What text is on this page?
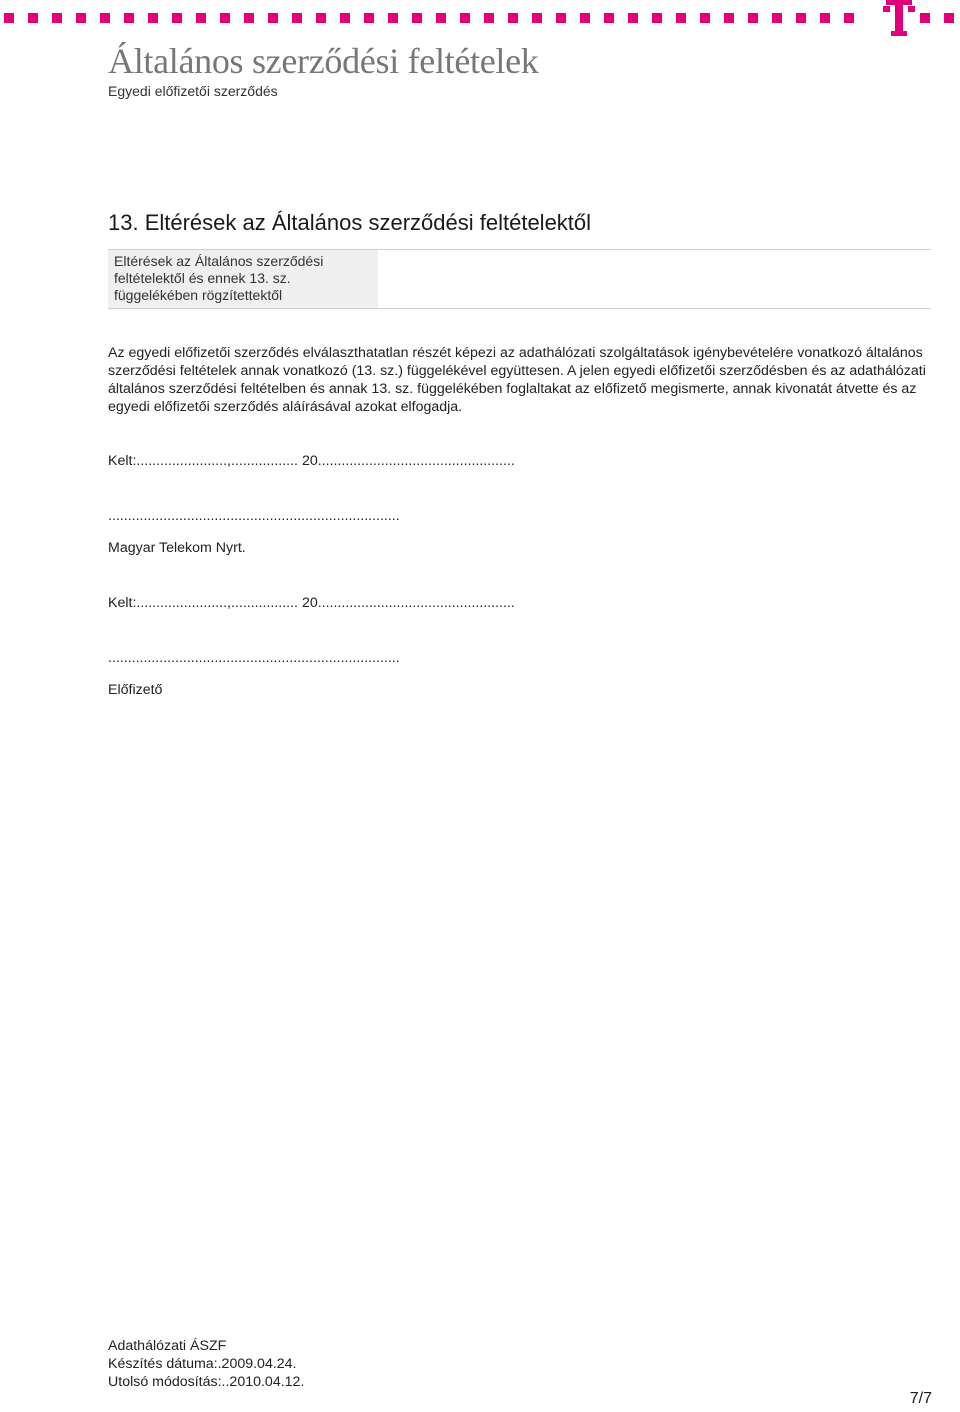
Általános szerződési feltételek
Egyedi előfizetői szerződés
13. Eltérések az Általános szerződési feltételektől
Eltérések az Általános szerződési feltételektől és ennek 13. sz. függelékében rögzítettektől
Az egyedi előfizetői szerződés elválaszthatatlan részét képezi az adathálózati szolgáltatások igénybevételére vonatkozó általános szerződési feltételek annak vonatkozó (13. sz.) függelékével együttesen. A jelen egyedi előfizetői szerződésben és az adathálózati általános szerződési feltételben és annak 13. sz. függelékében foglaltakat az előfizető megismerte, annak kivonatát átvette és az egyedi előfizetői szerződés aláírásával azokat elfogadja.
Kelt:.......................,................. 20..................................................
..........................................................................
Magyar Telekom Nyrt.
Kelt:.......................,................. 20..................................................
..........................................................................
Előfizető
Adathálózati ÁSZF
Készítés dátuma:.2009.04.24.
Utolsó módosítás:..2010.04.12.
7/7
